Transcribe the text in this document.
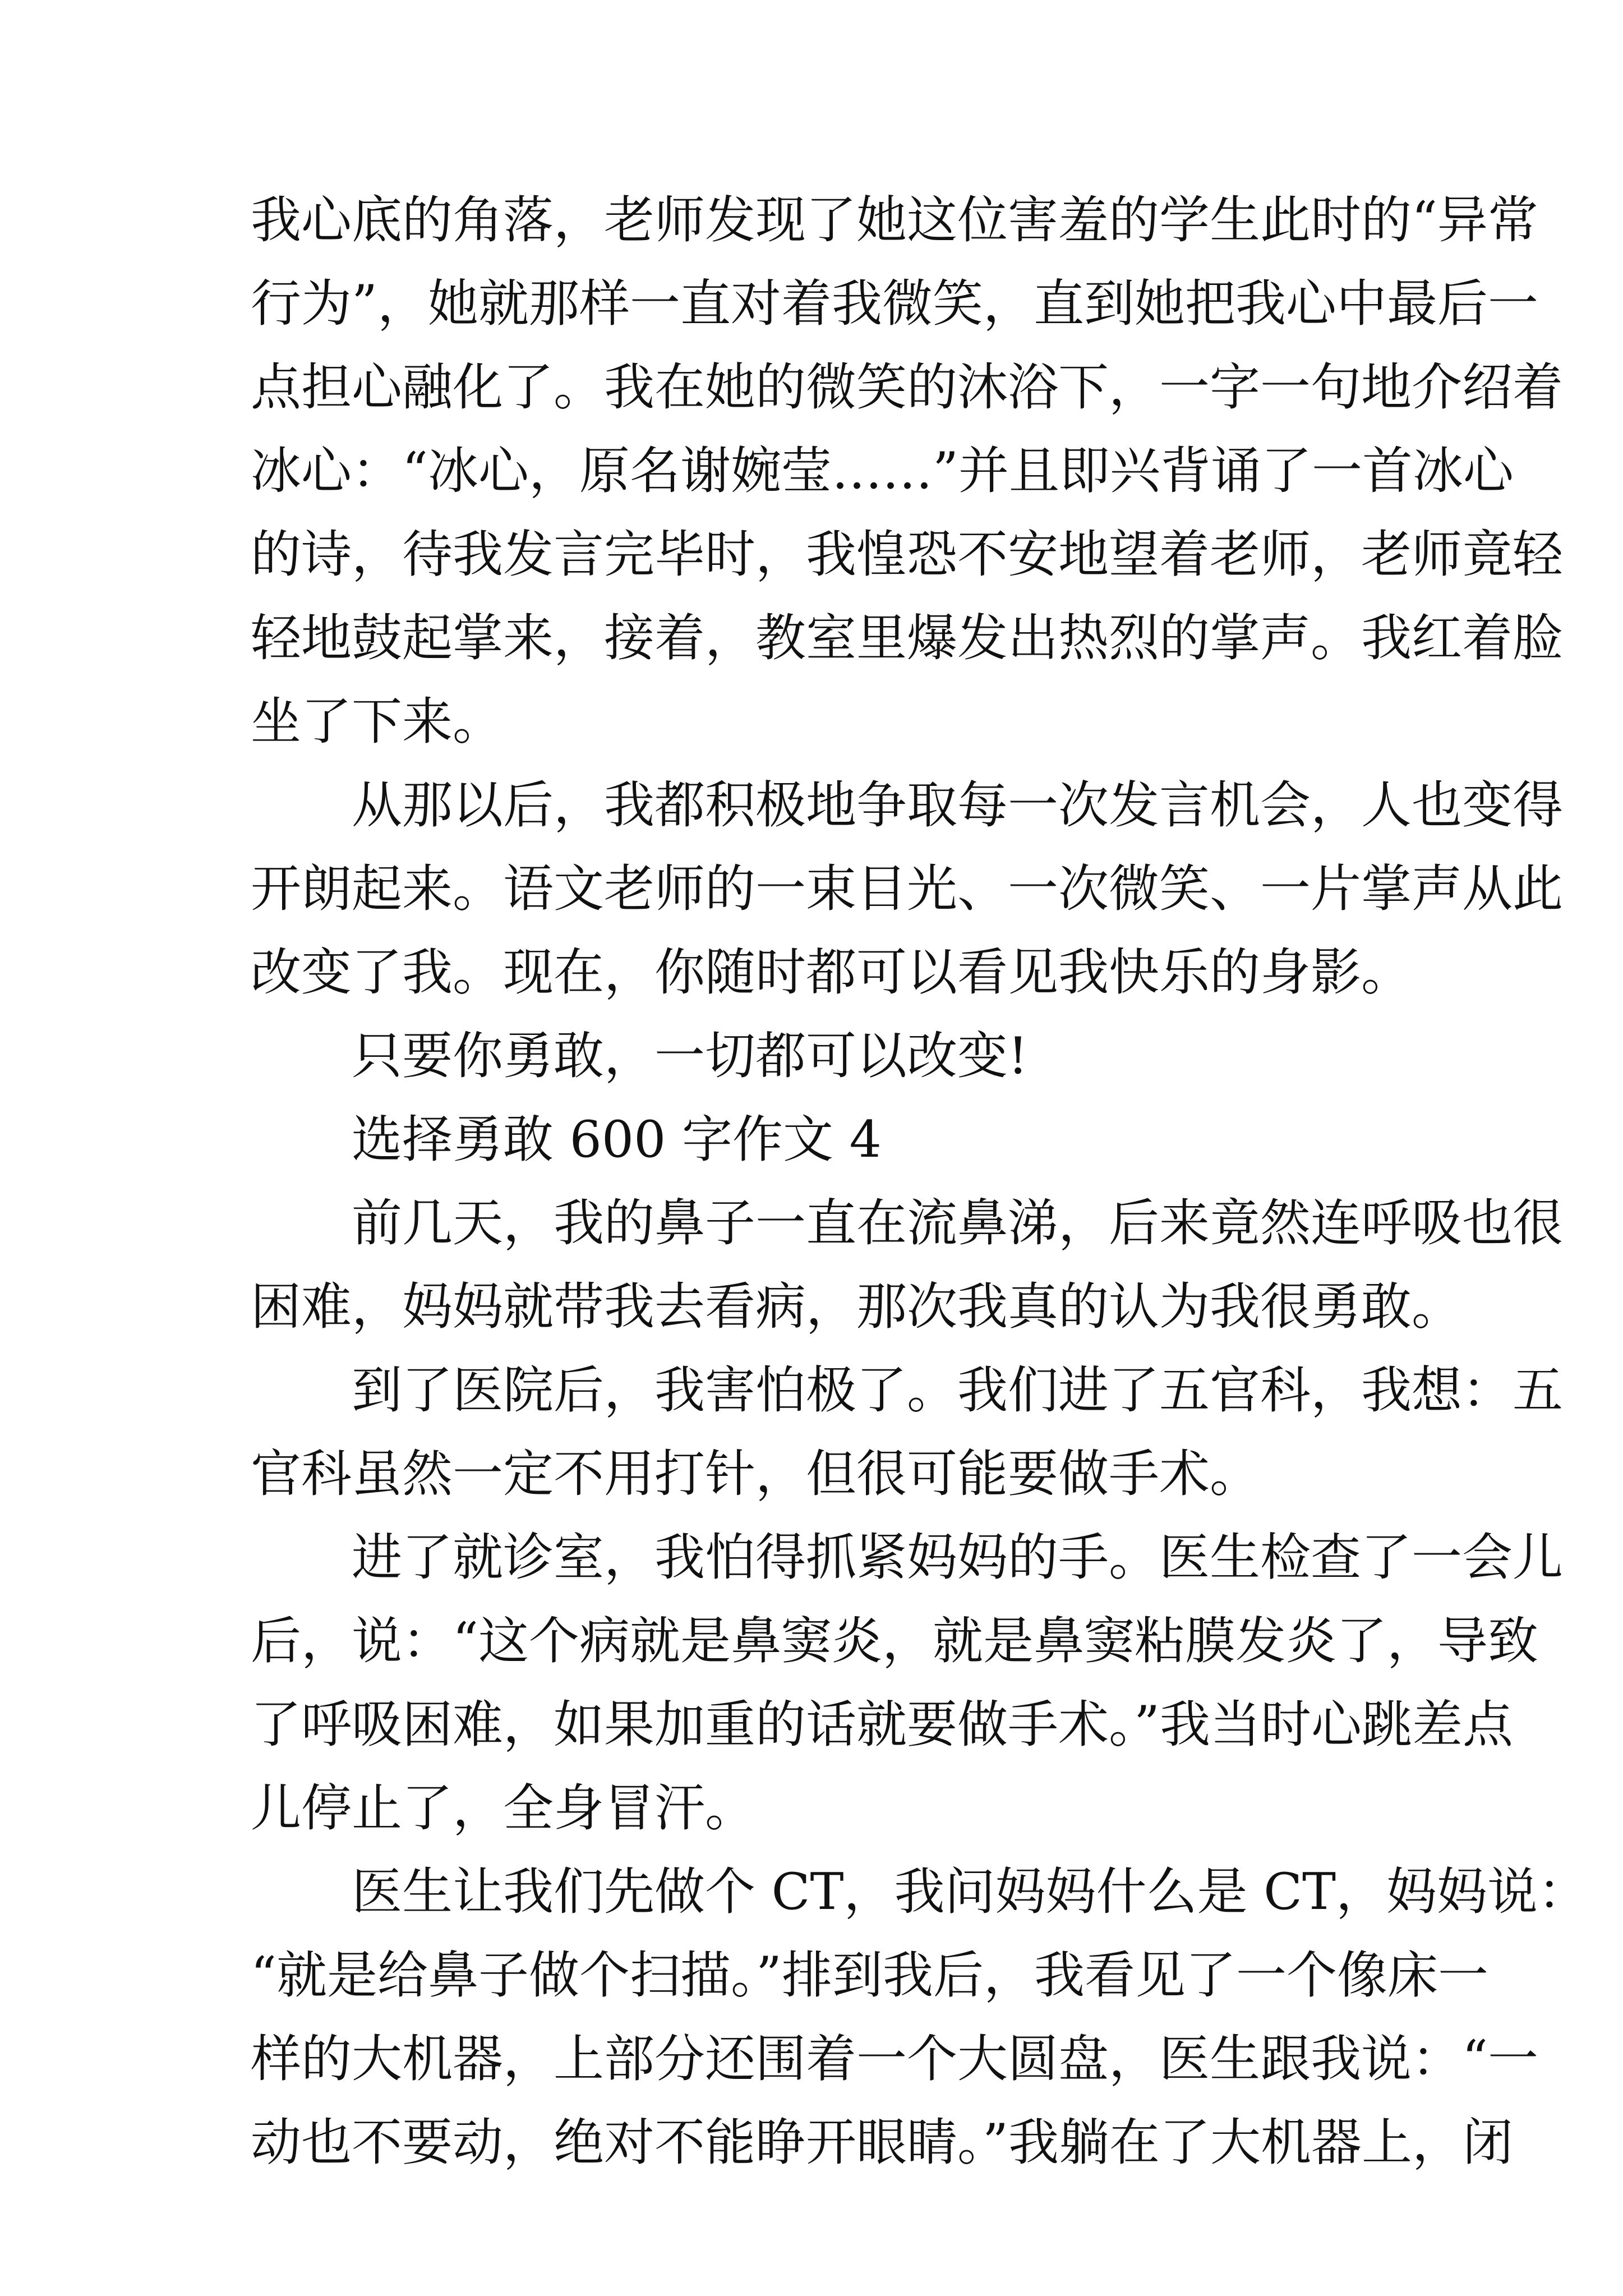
我心底的角落，老师发现了她这位害羞的学生此时的“异常
行为”，她就那样一直对着我微笑，直到她把我心中最后一
点担心融化了。我在她的微笑的沐浴下，一字一句地介绍着
冰心：“冰心，原名谢婉莹……”并且即兴背诵了一首冰心
的诗，待我发言完毕时，我惶恐不安地望着老师，老师竟轻
轻地鼓起掌来，接着，教室里爆发出热烈的掌声。我红着脸
坐了下来。
从那以后，我都积极地争取每一次发言机会，人也变得
开朗起来。语文老师的一束目光、一次微笑、一片掌声从此
改变了我。现在，你随时都可以看见我快乐的身影。
只要你勇敢，一切都可以改变!
选择勇敢 600 字作文 4
前几天，我的鼻子一直在流鼻涕，后来竟然连呼吸也很
困难，妈妈就带我去看病，那次我真的认为我很勇敢。
到了医院后，我害怕极了。我们进了五官科，我想：五
官科虽然一定不用打针，但很可能要做手术。
进了就诊室，我怕得抓紧妈妈的手。医生检查了一会儿
后，说：“这个病就是鼻窦炎，就是鼻窦粘膜发炎了，导致
了呼吸困难，如果加重的话就要做手术。”我当时心跳差点
儿停止了，全身冒汗。
医生让我们先做个 CT，我问妈妈什么是 CT，妈妈说：
“就是给鼻子做个扫描。”排到我后，我看见了一个像床一
样的大机器，上部分还围着一个大圆盘，医生跟我说：“一
动也不要动，绝对不能睁开眼睛。”我躺在了大机器上，闭
